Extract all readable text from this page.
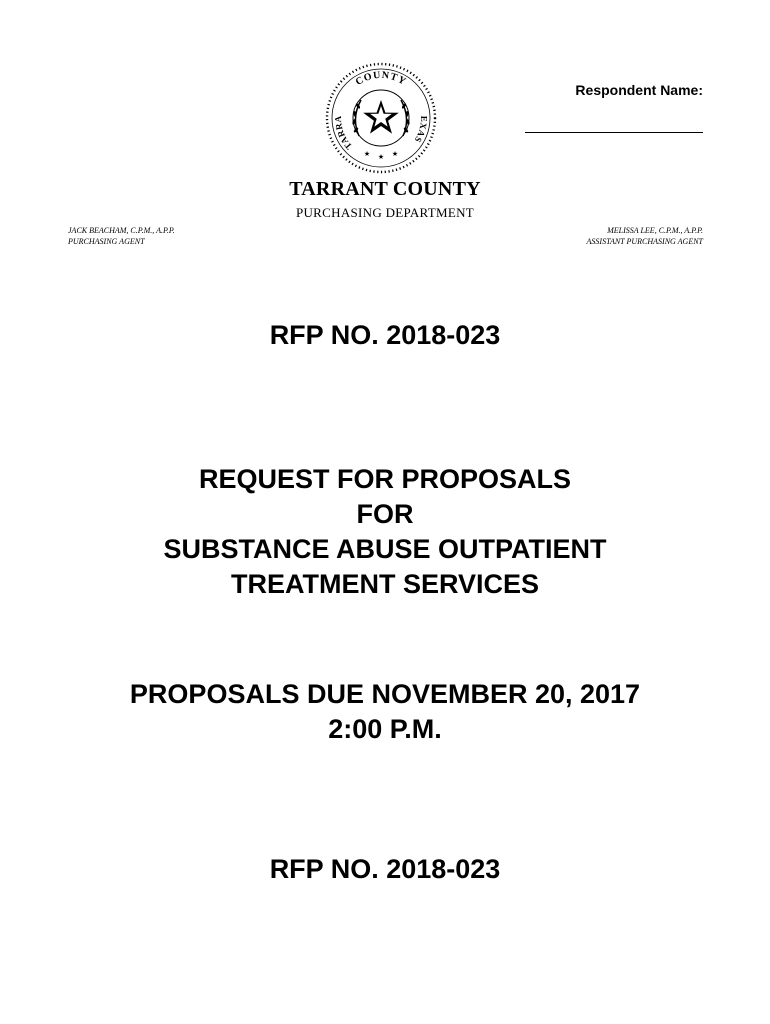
COUNTY
TARRA	EXAS
★ ★ ★
Respondent Name:
TARRANT COUNTY
PURCHASING DEPARTMENT
JACK BEACHAM, C.P.M., A.P.P.
PURCHASING AGENT
MELISSA LEE, C.P.M., A.P.P.
ASSISTANT PURCHASING AGENT
RFP NO. 2018-023
REQUEST FOR PROPOSALS
FOR
SUBSTANCE ABUSE OUTPATIENT
TREATMENT SERVICES
PROPOSALS DUE NOVEMBER 20, 2017
2:00 P.M.
RFP NO. 2018-023
